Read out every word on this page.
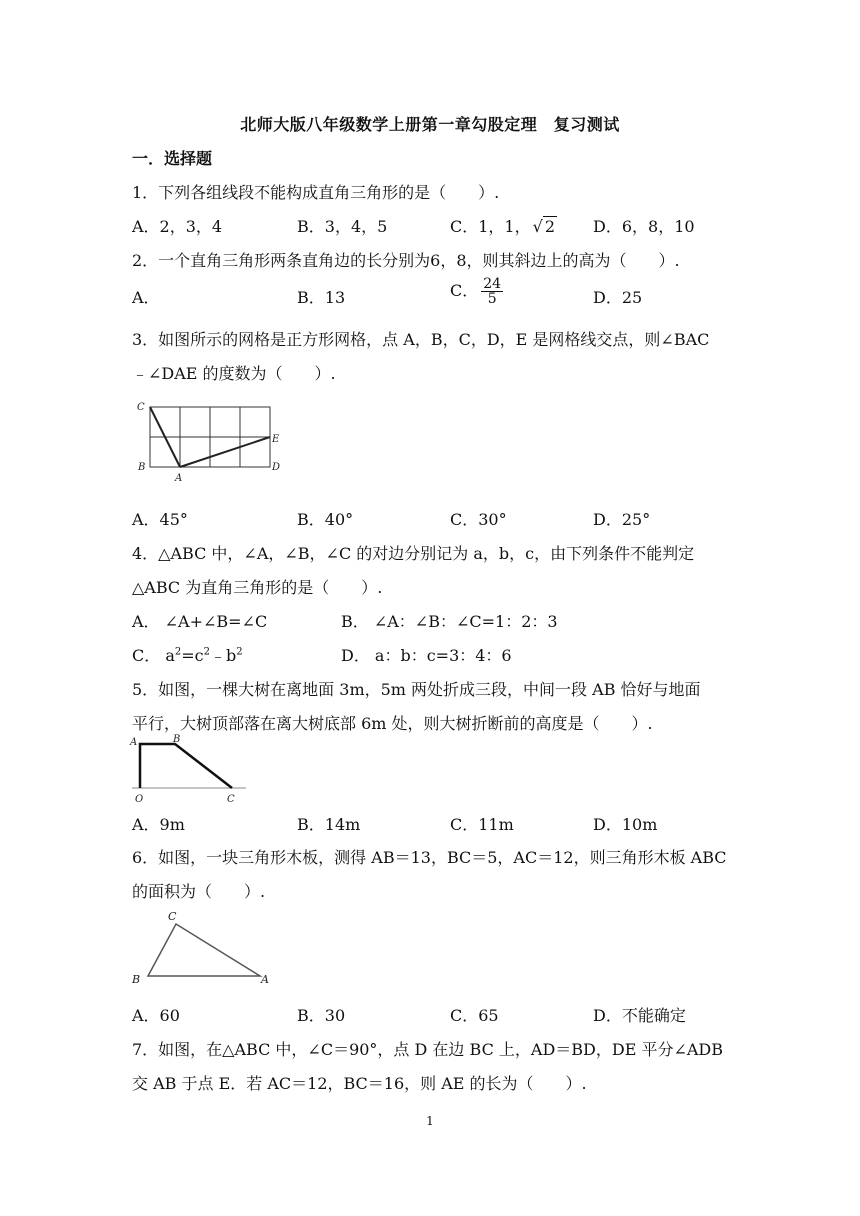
北师大版八年级数学上册第一章勾股定理　复习测试
一．选择题
1．下列各组线段不能构成直角三角形的是（　　）.
A．2，3，4	B．3，4，5	C．1，1， √ 2 D．6，8，10
2．一个直角三角形两条直角边的长分别为6，8，则其斜边上的高为（　　）.
A．	B．13	C． $\frac{24}{5}$	D．25
3．如图所示的网格是正方形网格，点 A，B，C，D，E 是网格线交点，则∠BAC
﹣∠DAE 的度数为（　　）.
C
B
A
E
D
A．45°	B．40°	C．30°	D．25°
4．△ABC 中，∠A，∠B，∠C 的对边分别记为 a，b，c，由下列条件不能判定
△ABC 为直角三角形的是（　　）.
A． ∠A+∠B=∠C	B． ∠A：∠B：∠C=1：2：3
C． $a^2=c^2﹣b^2$	D． a：b：c=3：4：6
5．如图，一棵大树在离地面 3m，5m 两处折成三段，中间一段 AB 恰好与地面
平行，大树顶部落在离大树底部 6m 处，则大树折断前的高度是（　　）.
A	B
O	C
A．9m	B．14m	C．11m	D．10m
6．如图，一块三角形木板，测得 AB＝13，BC＝5，AC＝12，则三角形木板 ABC
的面积为（　　）.
C
B	A
A．60	B．30	C．65	D．不能确定
7．如图，在△ABC 中，∠C＝90°，点 D 在边 BC 上，AD＝BD，DE 平分∠ADB
交 AB 于点 E．若 AC＝12，BC＝16，则 AE 的长为（　　）.
1
